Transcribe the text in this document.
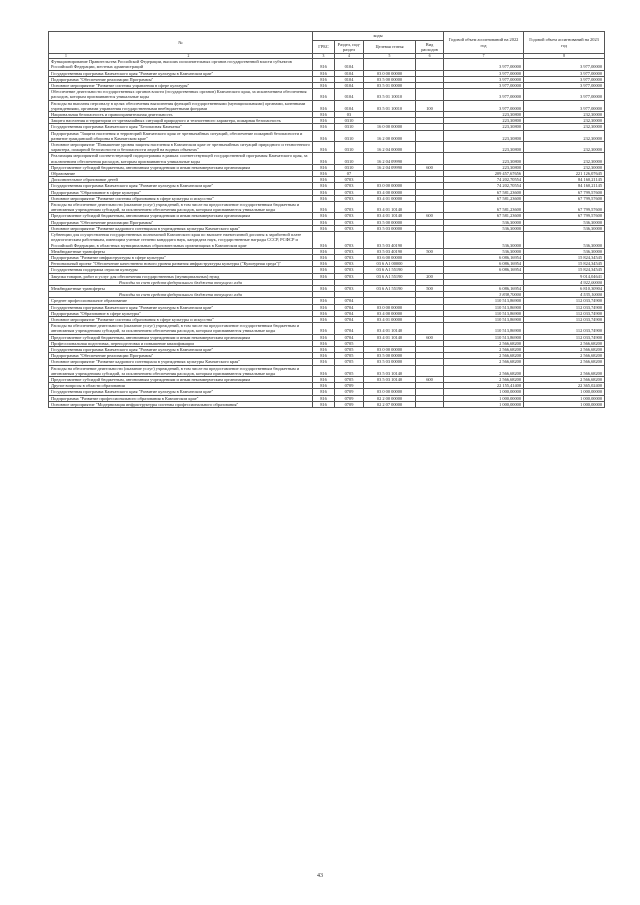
№	коды				Годовой объем ассигнований на 2022 год	Годовой объем ассигнований на 2023 год
	ГРБС	Раздел, под- раздел	Целевая статья	Вид расходов		

1 2	3	4	5	6	7	8
Функционирование Правительства Российской Федерации, высших исполнительных органов государственной власти субъектов Российской Федерации, местных администраций	816	0104			3 977,00000	3 977,00000
Государственная программа Камчатского края "Развитие культуры в Камчатском крае"	816	0104	03 0 00 00000		3 977,00000	3 977,00000
Подпрограмма "Обеспечение реализации Программы"	816	0104	03 5 00 00000		3 977,00000	3 977,00000
Основное мероприятие "Развитие системы управления в сфере культуры"	816	0104	03 5 01 00000		3 977,00000	3 977,00000
Обеспечение деятельности государственных органов власти (государственных органов) Камчатского края, за исключением обеспечения расходов, которым присваиваются уникальные коды	816	0104	03 5 01 10010		3 977,00000	3 977,00000
Расходы на выплаты персоналу в целях обеспечения выполнения функций государственными (муниципальными) органами, казенными учреждениями, органами управления государственными внебюджетными фондами	816	0104	03 5 01 10010	100	3 977,00000	3 977,00000
Национальная безопасность и правоохранительная деятельность	816	03			223,30800	232,30000
Защита населения и территории от чрезвычайных ситуаций природного и техногенного характера, пожарная безопасность	816	0310			223,30800	232,30000
Государственная программа Камчатского края "Безопасная Камчатка"	816	0310	16 0 00 00000		223,30800	232,30000
Подпрограмма "Защита населения и территорий Камчатского края от чрезвычайных ситуаций, обеспечение пожарной безопасности и развитие гражданской обороны в Камчатском крае"	816	0310	16 2 00 00000		223,30800	232,30000
Основное мероприятие "Повышение уровня защиты населения в Камчатском крае от чрезвычайных ситуаций природного и техногенного характера, пожарной безопасности и безопасности людей на водных объектах"	816	0310	16 2 04 00000		223,30800	232,30000
Реализация мероприятий соответствующей подпрограммы в рамках соответствующей государственной программы Камчатского края, за исключением обеспечения расходов, которым присваиваются уникальные коды	816	0310	16 2 04 09990		223,30800	232,30000
Предоставление субсидий бюджетным, автономным учреждениям и иным некоммерческим организациям	816	0310	16 2 04 09990	600	223,30800	232,30000
Образование	816	07			209 457,67656	221 126,07645
Дополнительное образование детей	816	0703			74 202,70554	84 160,21145
Государственная программа Камчатского края "Развитие культуры в Камчатском крае"	816	0703	03 0 00 00000		74 202,70554	84 160,21145
Подпрограмма "Образование в сфере культуры"	816	0703	03 4 00 00000		67 581,23600	67 799,57600
Основное мероприятие "Развитие системы образования в сфере культуры и искусства"	816	0703	03 4 01 00000		67 581,23600	67 799,57600
Расходы на обеспечение деятельности (оказание услуг) учреждений, в том числе на предоставление государственным бюджетным и автономным учреждениям субсидий, за исключением обеспечения расходов, которым присваиваются уникальные коды	816	0703	03 4 01 10140		67 581,23600	67 799,57600
Предоставление субсидий бюджетным, автономным учреждениям и иным некоммерческим организациям	816	0703	03 4 01 10140	600	67 581,23600	67 799,57600
Подпрограмма "Обеспечение реализации Программы"	816	0703	03 5 00 00000		536,30000	536,30000
Основное мероприятие "Развитие кадрового потенциала в учреждениях культуры Камчатского края"	816	0703	03 5 03 00000		536,30000	536,30000
Субвенции для осуществления государственных полномочий Камчатского края по выплате ежемесячной доплаты к заработной плате педагогическим работникам, имеющим ученые степени кандидата наук, кандидата наук, государственные награды СССР, РСФСР и Российской Федерации, в областных муниципальных образовательных организациях в Камчатском крае	816	0703	03 5 03 40190		536,30000	536,30000
Межбюджетные трансферты	816	0703	03 5 03 40190	500	536,30000	536,30000
Подпрограмма "Развитие инфраструктуры в сфере культуры"	816	0703	03 6 00 00000		6 086,16954	15 824,34545
Региональный проект "Обеспечение качественно нового уровня развития инфраструктуры культуры ("Культурная среда")"	816	0703	03 6 A1 00000		6 086,16954	15 824,34545
Государственная поддержка отрасли культуры	816	0703	03 6 A1 55190		6 086,16954	15 824,34545
Закупка товаров, работ и услуг для обеспечения государственных (муниципальных) нужд	816	0703	03 6 A1 55190	200		9 014,04641
Расходы за счет средств федерального бюджета текущего года						4 922,00000
Межбюджетные трансферты	816	0703	03 6 A1 55190	500	6 086,16954	6 810,30904
Расходы за счет средств федерального бюджета текущего года					3 838,70000	4 535,10000
Среднее профессиональное образование	816	0704			110 513,86900	112 033,74900
Государственная программа Камчатского края "Развитие культуры в Камчатском крае"	816	0704	03 0 00 00000		110 513,86900	112 033,74900
Подпрограмма "Образование в сфере культуры"	816	0704	03 4 00 00000		110 513,86900	112 033,74900
Основное мероприятие "Развитие системы образования в сфере культуры и искусства"	816	0704	03 4 01 00000		110 513,86900	112 033,74900
Расходы на обеспечение деятельности (оказание услуг) учреждений, в том числе на предоставление государственным бюджетным и автономным учреждениям субсидий, за исключением обеспечения расходов, которым присваиваются уникальные коды	816	0704	03 4 01 10140		110 513,86900	112 033,74900
Предоставление субсидий бюджетным, автономным учреждениям и иным некоммерческим организациям	816	0704	03 4 01 10140	600	110 513,86900	112 033,74900
Профессиональная подготовка, переподготовка и повышение квалификации	816	0705			2 566,68200	2 566,68200
Государственная программа Камчатского края "Развитие культуры в Камчатском крае"	816	0705	03 0 00 00000		2 566,68200	2 566,68200
Подпрограмма "Обеспечение реализации Программы"	816	0705	03 5 00 00000		2 566,68200	2 566,68200
Основное мероприятие "Развитие кадрового потенциала в учреждениях культуры Камчатского края"	816	0705	03 5 03 00000		2 566,68200	2 566,68200
Расходы на обеспечение деятельности (оказание услуг) учреждений, в том числе на предоставление государственным бюджетным и автономным учреждениям субсидий, за исключением обеспечения расходов, которым присваиваются уникальные коды	816	0705	03 5 03 10140		2 566,68200	2 566,68200
Предоставление субсидий бюджетным, автономным учреждениям и иным некоммерческим организациям	816	0705	03 5 03 10140	600	2 566,68200	2 566,68200
Другие вопросы в области образования	816	0709			22 155,41400	22 365,02400
Государственная программа Камчатского края "Развитие культуры в Камчатском крае"	816	0709	03 0 00 00000		1 000,00000	1 000,00000
Подпрограмма "Развитие профессионального образования в Камчатском крае"	816	0709	02 2 00 00000		1 000,00000	1 000,00000
Основное мероприятие "Модернизация инфраструктуры системы профессионального образования"	816	0709	02 2 07 00000		1 000,00000	1 000,00000
43
